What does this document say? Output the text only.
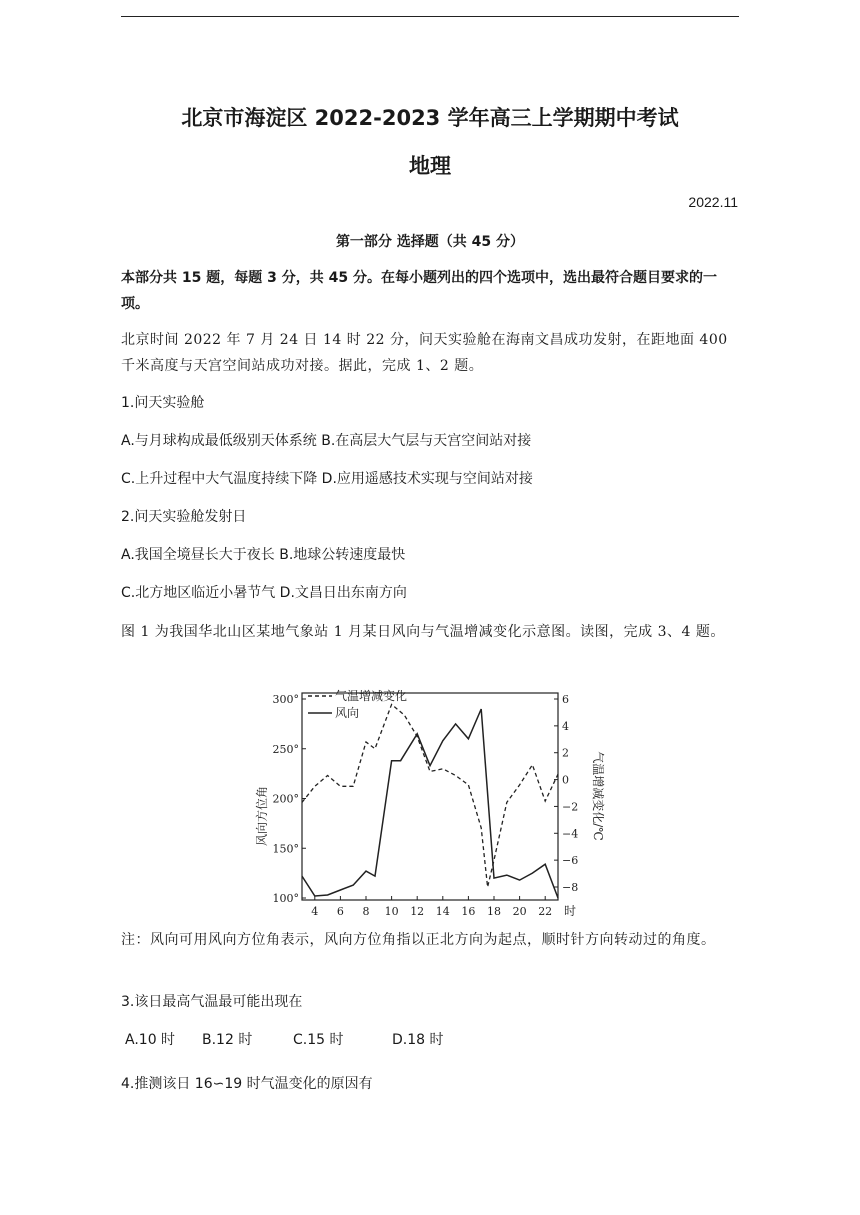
北京市海淀区 2022-2023 学年高三上学期期中考试
地理
2022.11
第一部分 选择题（共 45 分）
本部分共 15 题，每题 3 分，共 45 分。在每小题列出的四个选项中，选出最符合题目要求的一项。
北京时间 2022 年 7 月 24 日 14 时 22 分，问天实验舱在海南文昌成功发射，在距地面 400 千米高度与天宫空间站成功对接。据此，完成 1、2 题。
1.问天实验舱
A.与月球构成最低级别天体系统 B.在高层大气层与天宫空间站对接
C.上升过程中大气温度持续下降 D.应用遥感技术实现与空间站对接
2.问天实验舱发射日
A.我国全境昼长大于夜长 B.地球公转速度最快
C.北方地区临近小暑节气 D.文昌日出东南方向
图 1 为我国华北山区某地气象站 1 月某日风向与气温增减变化示意图。读图，完成 3、4 题。
300°
250°
200°
150°
100°
6
4
2
0
−2
−4
−6
−8
4 6 8 10 12 14 16 18 20 22 时
气温增减变化
风向
风向方位角	气温增减变化/℃
注：风向可用风向方位角表示，风向方位角指以正北方向为起点，顺时针方向转动过的角度。
3.该日最高气温最可能出现在
A.10 时 B.12 时	C.15 时	D.18 时
4.推测该日 16∽19 时气温变化的原因有
